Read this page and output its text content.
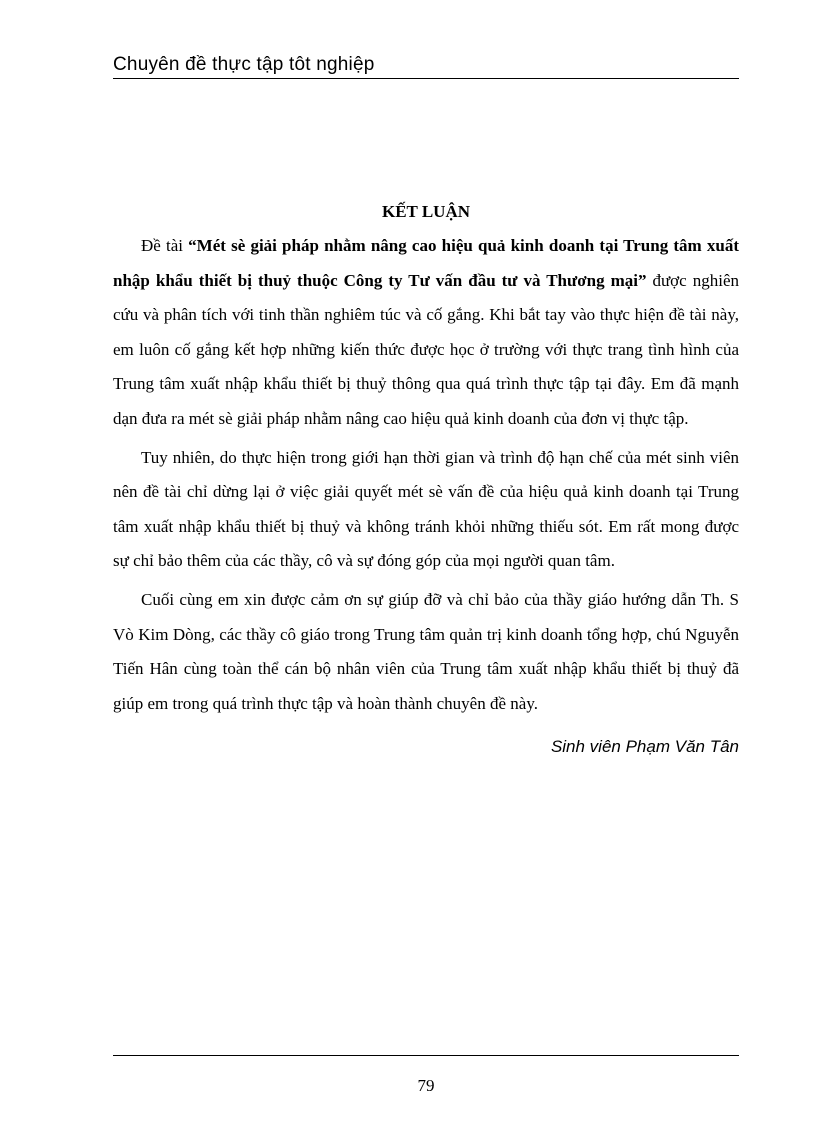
Chuyên đề thực tập tôt nghiệp
KẾT LUẬN

Đề tài “Mét sè giải pháp nhằm nâng cao hiệu quả kinh doanh tại Trung tâm xuất nhập khẩu thiết bị thuỷ thuộc Công ty Tư vấn đầu tư và Thương mại” được nghiên cứu và phân tích với tinh thần nghiêm túc và cố gắng. Khi bắt tay vào thực hiện đề tài này, em luôn cố gắng kết hợp những kiến thức được học ở trường với thực trang tình hình của Trung tâm xuất nhập khẩu thiết bị thuỷ thông qua quá trình thực tập tại đây. Em đã mạnh dạn đưa ra mét sè giải pháp nhằm nâng cao hiệu quả kinh doanh của đơn vị thực tập.

Tuy nhiên, do thực hiện trong giới hạn thời gian và trình độ hạn chế của mét sinh viên nên đề tài chỉ dừng lại ở việc giải quyết mét sè vấn đề của hiệu quả kinh doanh tại Trung tâm xuất nhập khẩu thiết bị thuỷ và không tránh khỏi những thiếu sót. Em rất mong được sự chỉ bảo thêm của các thầy, cô và sự đóng góp của mọi người quan tâm.

Cuối cùng em xin được cảm ơn sự giúp đỡ và chỉ bảo của thầy giáo hướng dẫn Th. S Vò Kim Dòng, các thầy cô giáo trong Trung tâm quản trị kinh doanh tổng hợp, chú Nguyễn Tiến Hân cùng toàn thể cán bộ nhân viên của Trung tâm xuất nhập khẩu thiết bị thuỷ đã giúp em trong quá trình thực tập và hoàn thành chuyên đề này.

Sinh viên Phạm Văn Tân
79
